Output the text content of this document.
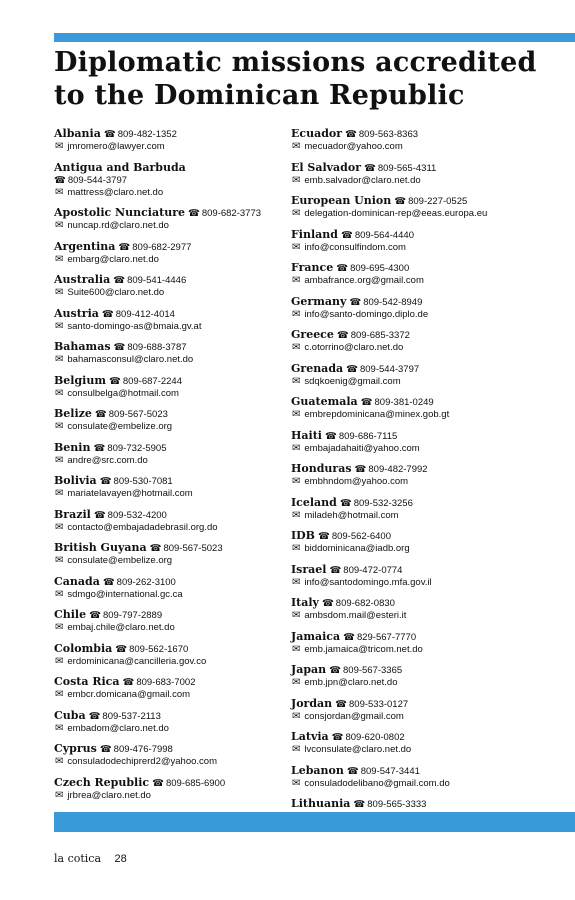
Diplomatic missions accredited to the Dominican Republic
Albania ☎ 809-482-1352
✉ jmromero@lawyer.com
Antigua and Barbuda
☎ 809-544-3797
✉ mattress@claro.net.do
Apostolic Nunciature ☎ 809-682-3773
✉ nuncap.rd@claro.net.do
Argentina ☎ 809-682-2977
✉ embarg@claro.net.do
Australia ☎ 809-541-4446
✉ Suite600@claro.net.do
Austria ☎ 809-412-4014
✉ santo-domingo-as@bmaia.gv.at
Bahamas ☎ 809-688-3787
✉ bahamasconsul@claro.net.do
Belgium ☎ 809-687-2244
✉ consulbelga@hotmail.com
Belize ☎ 809-567-5023
✉ consulate@embelize.org
Benin ☎ 809-732-5905
✉ andre@src.com.do
Bolivia ☎ 809-530-7081
✉ mariatelavayen@hotmail.com
Brazil ☎ 809-532-4200
✉ contacto@embajadadebrasil.org.do
British Guyana ☎ 809-567-5023
✉ consulate@embelize.org
Canada ☎ 809-262-3100
✉ sdmgo@international.gc.ca
Chile ☎ 809-797-2889
✉ embaj.chile@claro.net.do
Colombia ☎ 809-562-1670
✉ erdominicana@cancilleria.gov.co
Costa Rica ☎ 809-683-7002
✉ embcr.domicana@gmail.com
Cuba ☎ 809-537-2113
✉ embadom@claro.net.do
Cyprus ☎ 809-476-7998
✉ consuladodechiprerd2@yahoo.com
Czech Republic ☎ 809-685-6900
✉ jrbrea@claro.net.do
Ecuador ☎ 809-563-8363
✉ mecuador@yahoo.com
El Salvador ☎ 809-565-4311
✉ emb.salvador@claro.net.do
European Union ☎ 809-227-0525
✉ delegation-dominican-rep@eeas.europa.eu
Finland ☎ 809-564-4440
✉ info@consulfindom.com
France ☎ 809-695-4300
✉ ambafrance.org@gmail.com
Germany ☎ 809-542-8949
✉ info@santo-domingo.diplo.de
Greece ☎ 809-685-3372
✉ c.otorrino@claro.net.do
Grenada ☎ 809-544-3797
✉ sdqkoenig@gmail.com
Guatemala ☎ 809-381-0249
✉ embrepdominicana@minex.gob.gt
Haiti ☎ 809-686-7115
✉ embajadahaiti@yahoo.com
Honduras ☎ 809-482-7992
✉ embhndom@yahoo.com
Iceland ☎ 809-532-3256
✉ miladeh@hotmail.com
IDB ☎ 809-562-6400
✉ biddominicana@iadb.org
Israel ☎ 809-472-0774
✉ info@santodomingo.mfa.gov.il
Italy ☎ 809-682-0830
✉ ambsdom.mail@esteri.it
Jamaica ☎ 829-567-7770
✉ emb.jamaica@tricom.net.do
Japan ☎ 809-567-3365
✉ emb.jpn@claro.net.do
Jordan ☎ 809-533-0127
✉ consjordan@gmail.com
Latvia ☎ 809-620-0802
✉ lvconsulate@claro.net.do
Lebanon ☎ 809-547-3441
✉ consuladodelibano@gmail.com.do
Lithuania ☎ 809-565-3333
la cotica 28
